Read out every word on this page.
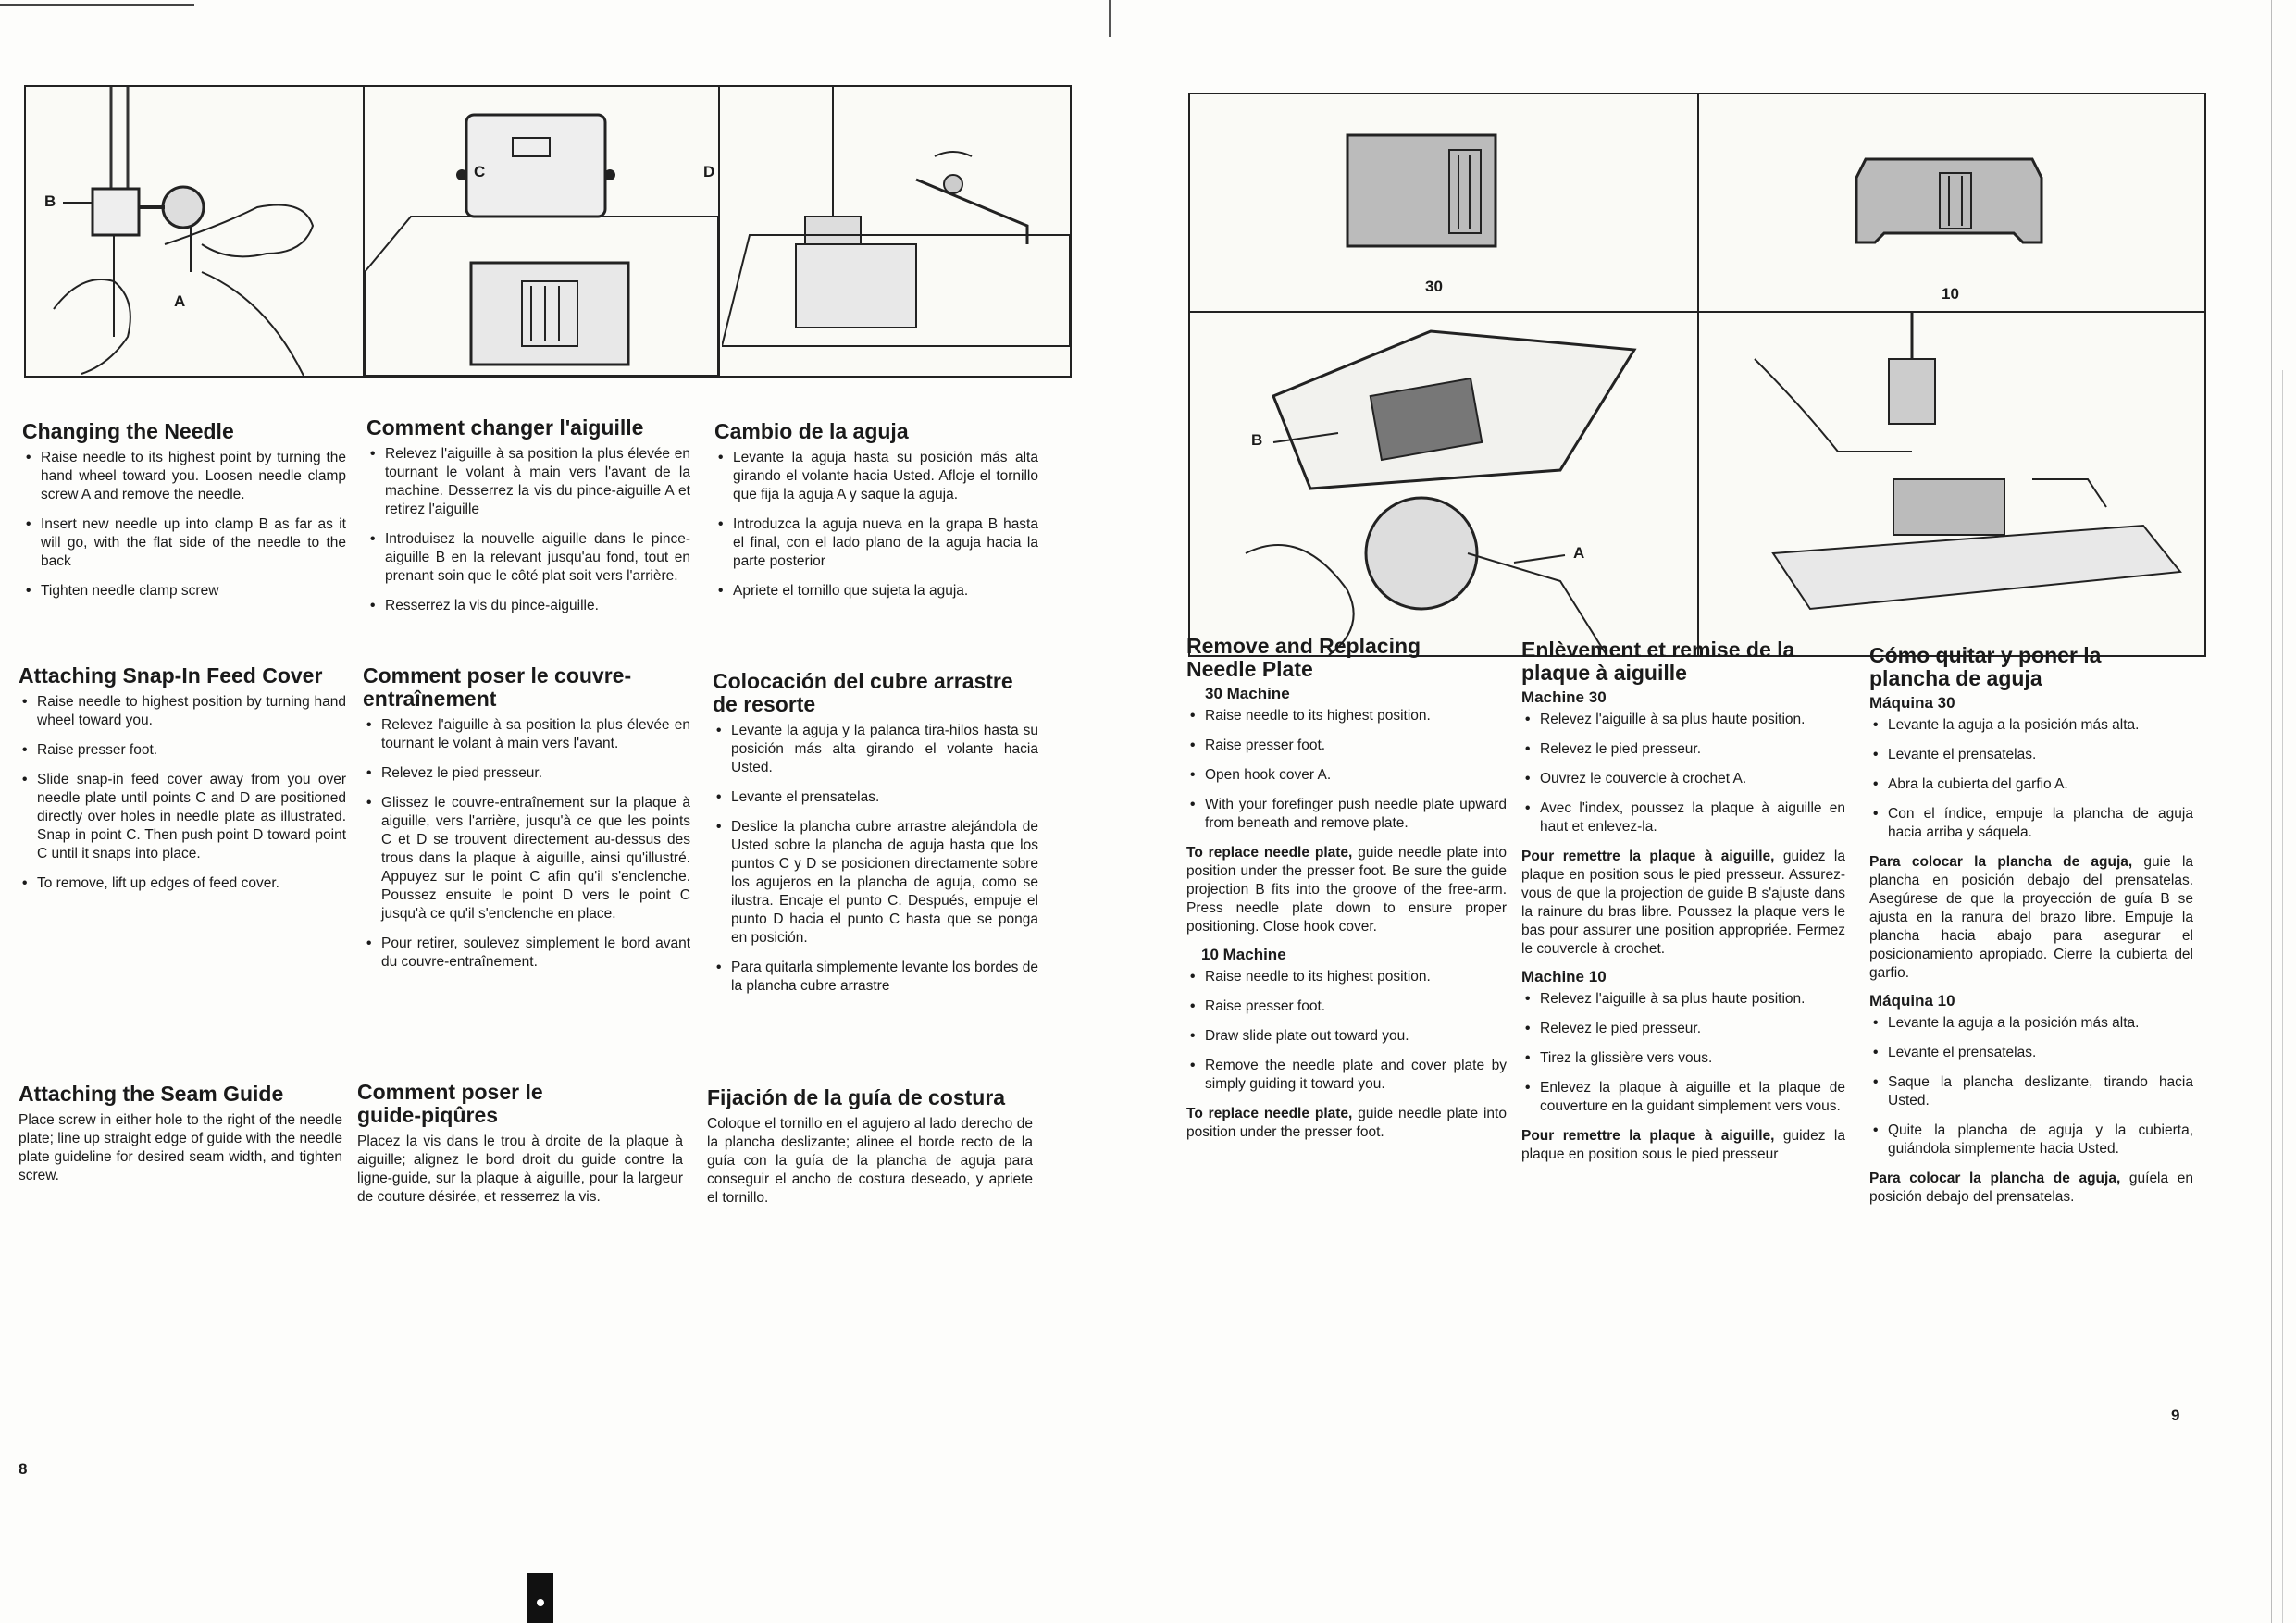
B
A
C	D
Changing the Needle
• Raise needle to its highest point by turning the hand wheel toward you. Loosen needle clamp screw A and remove the needle.
• Insert new needle up into clamp B as far as it will go, with the flat side of the needle to the back
• Tighten needle clamp screw
Comment changer l'aiguille
• Relevez l'aiguille à sa position la plus élevée en tournant le volant à main vers l'avant de la machine. Desserrez la vis du pince-aiguille A et retirez l'aiguille
• Introduisez la nouvelle aiguille dans le pince-aiguille B en la relevant jusqu'au fond, tout en prenant soin que le côté plat soit vers l'arrière.
• Resserrez la vis du pince-aiguille.
Cambio de la aguja
• Levante la aguja hasta su posición más alta girando el volante hacia Usted. Afloje el tornillo que fija la aguja A y saque la aguja.
• Introduzca la aguja nueva en la grapa B hasta el final, con el lado plano de la aguja hacia la parte posterior
• Apriete el tornillo que sujeta la aguja.
Attaching Snap-In Feed Cover
• Raise needle to highest position by turning hand wheel toward you.
• Raise presser foot.
• Slide snap-in feed cover away from you over needle plate until points C and D are positioned directly over holes in needle plate as illustrated. Snap in point C. Then push point D toward point C until it snaps into place.
• To remove, lift up edges of feed cover.
Comment poser le couvre-entraînement
• Relevez l'aiguille à sa position la plus élevée en tournant le volant à main vers l'avant.
• Relevez le pied presseur.
• Glissez le couvre-entraînement sur la plaque à aiguille, vers l'arrière, jusqu'à ce que les points C et D se trouvent directement au-dessus des trous dans la plaque à aiguille, ainsi qu'illustré. Appuyez sur le point C afin qu'il s'enclenche. Poussez ensuite le point D vers le point C jusqu'à ce qu'il s'enclenche en place.
• Pour retirer, soulevez simplement le bord avant du couvre-entraînement.
Colocación del cubre arrastre de resorte
• Levante la aguja y la palanca tira-hilos hasta su posición más alta girando el volante hacia Usted.
• Levante el prensatelas.
• Deslice la plancha cubre arrastre alejándola de Usted sobre la plancha de aguja hasta que los puntos C y D se posicionen directamente sobre los agujeros en la plancha de aguja, como se ilustra. Encaje el punto C. Después, empuje el punto D hacia el punto C hasta que se ponga en posición.
• Para quitarla simplemente levante los bordes de la plancha cubre arrastre
Attaching the Seam Guide

Place screw in either hole to the right of the needle plate; line up straight edge of guide with the needle plate guideline for desired seam width, and tighten screw.

Comment poser le guide-piqûres

Placez la vis dans le trou à droite de la plaque à aiguille; alignez le bord droit du guide contre la ligne-guide, sur la plaque à aiguille, pour la largeur de couture désirée, et resserrez la vis.

Fijación de la guía de costura

Coloque el tornillo en el agujero al lado derecho de la plancha deslizante; alinee el borde recto de la guía con la guía de la plancha de aguja para conseguir el ancho de costura deseado, y apriete el tornillo.

8
30	10
B
A
Remove and Replacing Needle Plate
30 Machine
• Raise needle to its highest position.
• Raise presser foot.
• Open hook cover A.
• With your forefinger push needle plate upward from beneath and remove plate.

To replace needle plate, guide needle plate into position under the presser foot. Be sure the guide projection B fits into the groove of the free-arm. Press needle plate down to ensure proper positioning. Close hook cover.

10 Machine
• Raise needle to its highest position.
• Raise presser foot.
• Draw slide plate out toward you.
• Remove the needle plate and cover plate by simply guiding it toward you.

To replace needle plate, guide needle plate into position under the presser foot.

Enlèvement et remise de la plaque à aiguille
Machine 30
• Relevez l'aiguille à sa plus haute position.
• Relevez le pied presseur.
• Ouvrez le couvercle à crochet A.
• Avec l'index, poussez la plaque à aiguille en haut et enlevez-la.

Pour remettre la plaque à aiguille, guidez la plaque en position sous le pied presseur. Assurez-vous de que la projection de guide B s'ajuste dans la rainure du bras libre. Poussez la plaque vers le bas pour assurer une position appropriée. Fermez le couvercle à crochet.

Machine 10
• Relevez l'aiguille à sa plus haute position.
• Relevez le pied presseur.
• Tirez la glissière vers vous.
• Enlevez la plaque à aiguille et la plaque de couverture en la guidant simplement vers vous.

Pour remettre la plaque à aiguille, guidez la plaque en position sous le pied presseur

Cómo quitar y poner la plancha de aguja
Máquina 30
• Levante la aguja a la posición más alta.
• Levante el prensatelas.
• Abra la cubierta del garfio A.
• Con el índice, empuje la plancha de aguja hacia arriba y sáquela.

Para colocar la plancha de aguja, guie la plancha en posición debajo del prensatelas. Asegúrese de que la proyección de guía B se ajusta en la ranura del brazo libre. Empuje la plancha hacia abajo para asegurar el posicionamiento apropiado. Cierre la cubierta del garfio.

Máquina 10
• Levante la aguja a la posición más alta.
• Levante el prensatelas.
• Saque la plancha deslizante, tirando hacia Usted.
• Quite la plancha de aguja y la cubierta, guiándola simplemente hacia Usted.

Para colocar la plancha de aguja, guíela en posición debajo del prensatelas.

9
